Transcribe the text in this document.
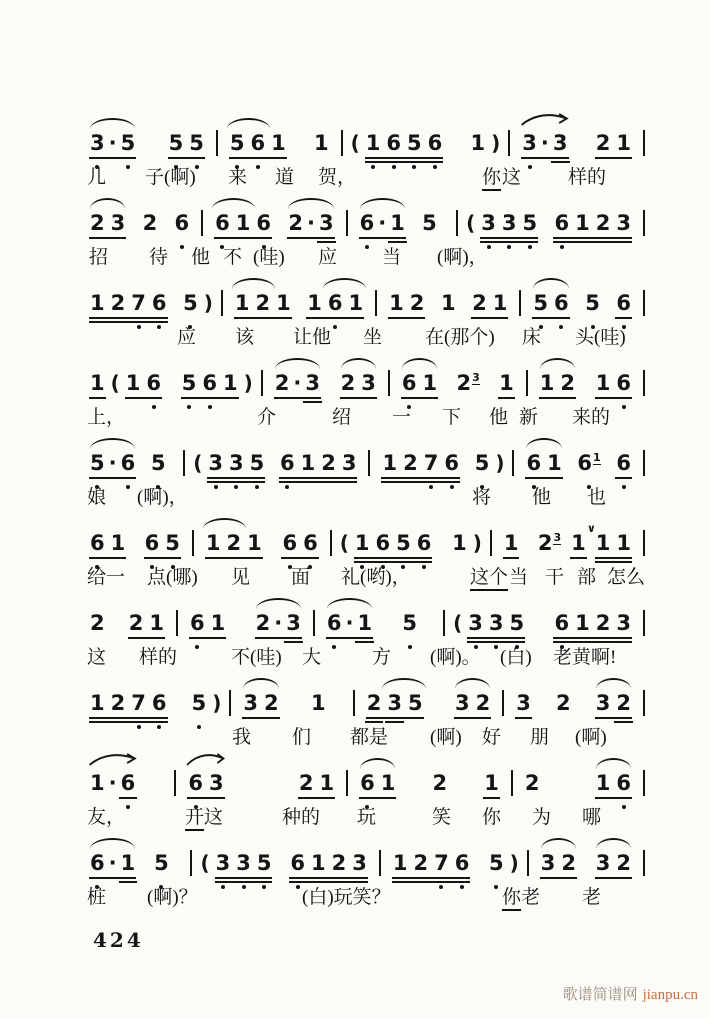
3 · 5 5 5 5 6 1 1 ( 1 6 5 6 1 ) 3 · 3 2 1
儿 子(啊) 来 道 贺，	你 这 样的
2 3 2 6 6 1 6 2 · 3 6 · 1 5 ( 3 3 5 6 1 2 3
招 待 他 不 (哇) 应 当 (啊)，
1 2 7 6 5 ) 1 2 1 1 6 1 1 2 1 2 1 5 6 5 6
应 该 让他 坐 在(那个) 床 头(哇)
1 ( 1 6 5 6 1 ) 2 · 3 2 3 6 1 $2^3$ 1 1 2 1 6
上，	介	绍 一 下 他 新 来的
5 · 6 5 ( 3 3 5 6 1 2 3 1 2 7 6 5 ) 6 1 $6^1$ 6
娘 (啊)，	将 他 也
6 1 6 5 1 2 1 6 6 ( 1 6 5 6 1 ) 1 $2^3$ 1
∨
1 1
给一 点(哪) 见 面 礼(哟)，	这个 当 干 部 怎么
2 2 1 6 1 2 · 3 6 · 1 5 ( 3 3 5 6 1 2 3
这 样的	不(哇) 大	方 (啊)。 (白) 老黄啊!
1 2 7 6 5 ) 3 2 1 2 3 5 3 2 3 2 3 2
我 们 都是 (啊) 好 朋 (啊)
1 · 6	6 3	2 1 6 1 2 1 2	1 6
友，	开 这	种的 玩	笑 你 为 哪
6 · 1 5 ( 3 3 5 6 1 2 3 1 2 7 6 5 ) 3 2 3 2
桩 (啊)？	(白)玩笑？	你 老 老
424
歌谱简谱网 jianpu.cn
